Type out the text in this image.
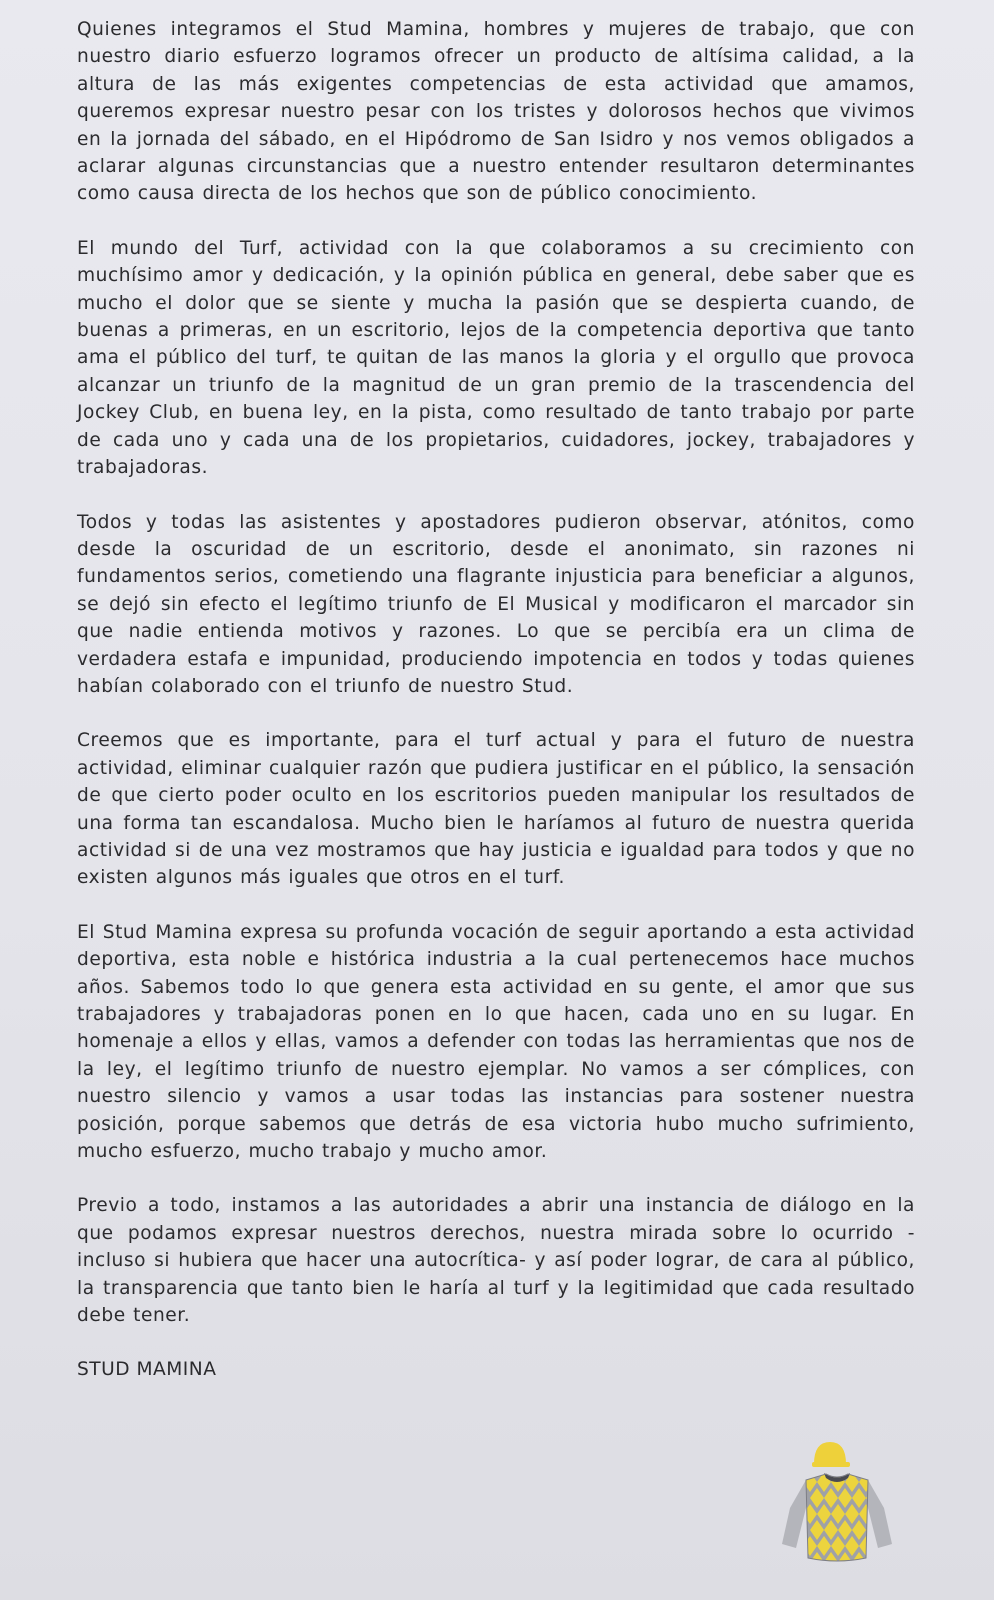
Quienes integramos el Stud Mamina, hombres y mujeres de trabajo, que con nuestro diario esfuerzo logramos ofrecer un producto de altísima calidad, a la altura de las más exigentes competencias de esta actividad que amamos, queremos expresar nuestro pesar con los tristes y dolorosos hechos que vivimos en la jornada del sábado, en el Hipódromo de San Isidro y nos vemos obligados a aclarar algunas circunstancias que a nuestro entender resultaron determinantes como causa directa de los hechos que son de público conocimiento.

El mundo del Turf, actividad con la que colaboramos a su crecimiento con muchísimo amor y dedicación, y la opinión pública en general, debe saber que es mucho el dolor que se siente y mucha la pasión que se despierta cuando, de buenas a primeras, en un escritorio, lejos de la competencia deportiva que tanto ama el público del turf, te quitan de las manos la gloria y el orgullo que provoca alcanzar un triunfo de la magnitud de un gran premio de la trascendencia del Jockey Club, en buena ley, en la pista, como resultado de tanto trabajo por parte de cada uno y cada una de los propietarios, cuidadores, jockey, trabajadores y trabajadoras.

Todos y todas las asistentes y apostadores pudieron observar, atónitos, como desde la oscuridad de un escritorio, desde el anonimato, sin razones ni fundamentos serios, cometiendo una flagrante injusticia para beneficiar a algunos, se dejó sin efecto el legítimo triunfo de El Musical y modificaron el marcador sin que nadie entienda motivos y razones. Lo que se percibía era un clima de verdadera estafa e impunidad, produciendo impotencia en todos y todas quienes habían colaborado con el triunfo de nuestro Stud.

Creemos que es importante, para el turf actual y para el futuro de nuestra actividad, eliminar cualquier razón que pudiera justificar en el público, la sensación de que cierto poder oculto en los escritorios pueden manipular los resultados de una forma tan escandalosa. Mucho bien le haríamos al futuro de nuestra querida actividad si de una vez mostramos que hay justicia e igualdad para todos y que no existen algunos más iguales que otros en el turf.

El Stud Mamina expresa su profunda vocación de seguir aportando a esta actividad deportiva, esta noble e histórica industria a la cual pertenecemos hace muchos años. Sabemos todo lo que genera esta actividad en su gente, el amor que sus trabajadores y trabajadoras ponen en lo que hacen, cada uno en su lugar. En homenaje a ellos y ellas, vamos a defender con todas las herramientas que nos de la ley, el legítimo triunfo de nuestro ejemplar. No vamos a ser cómplices, con nuestro silencio y vamos a usar todas las instancias para sostener nuestra posición, porque sabemos que detrás de esa victoria hubo mucho sufrimiento, mucho esfuerzo, mucho trabajo y mucho amor.

Previo a todo, instamos a las autoridades a abrir una instancia de diálogo en la que podamos expresar nuestros derechos, nuestra mirada sobre lo ocurrido - incluso si hubiera que hacer una autocrítica- y así poder lograr, de cara al público, la transparencia que tanto bien le haría al turf y la legitimidad que cada resultado debe tener.

STUD MAMINA
